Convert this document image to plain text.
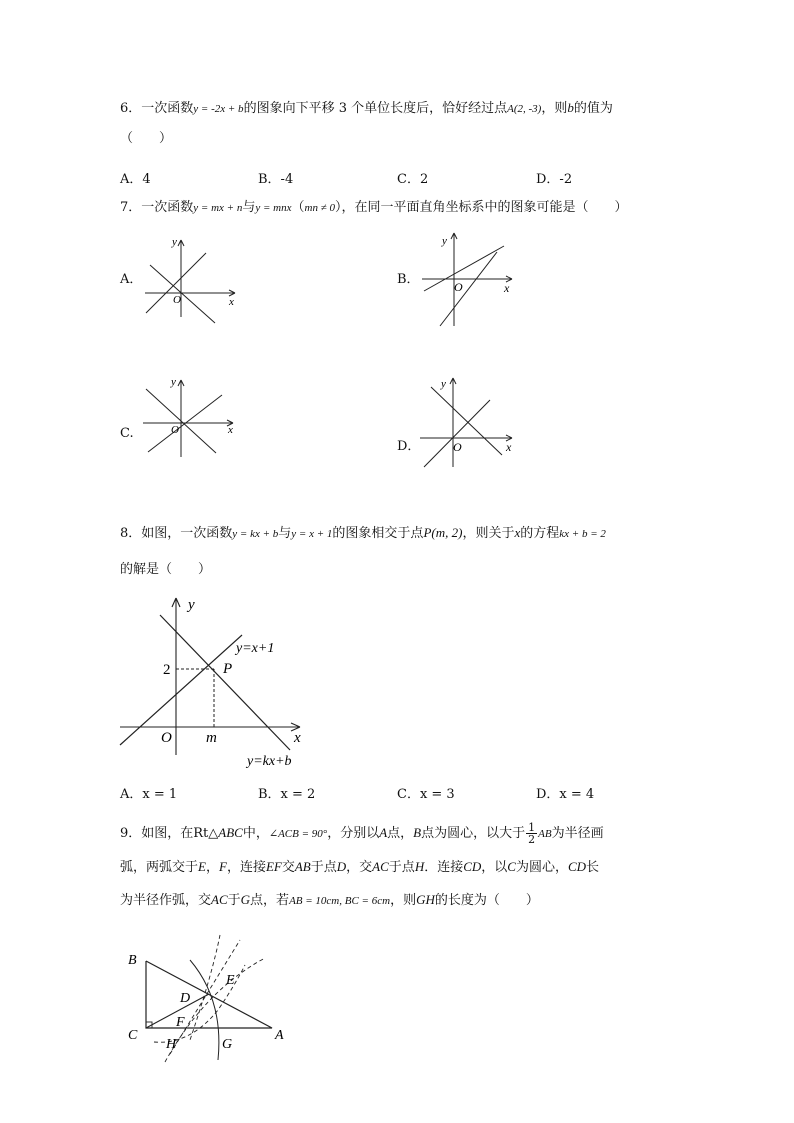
6．一次函数y = -2x + b的图象向下平移 3 个单位长度后，恰好经过点A(2, -3)，则b的值为
（　　）
A．4	B．-4	C．2	D．-2
7．一次函数y = mx + n与y = mnx（mn ≠ 0），在同一平面直角坐标系中的图象可能是（　　）
A．
y
x
O
B．
y
x
O
C.
y
x
O
D．
y
x
O
8．如图，一次函数y = kx + b与y = x + 1的图象相交于点P(m, 2)，则关于x的方程kx + b = 2
的解是（　　）
y
x
O
2
m
P
y=x+1
y=kx+b
A．x = 1	B．x = 2	C．x = 3	D．x = 4
9．如图，在Rt△ABC中，∠ACB = 90°，分别以A点，B点为圆心，以大于 $\frac{1}{2}$ AB为半径画
弧，两弧交于E，F，连接EF交AB于点D，交AC于点H．连接CD，以C为圆心，CD长
为半径作弧，交AC于G点，若AB = 10cm, BC = 6cm，则GH的长度为（　　）
B
C	A
D
E
F
H	G
